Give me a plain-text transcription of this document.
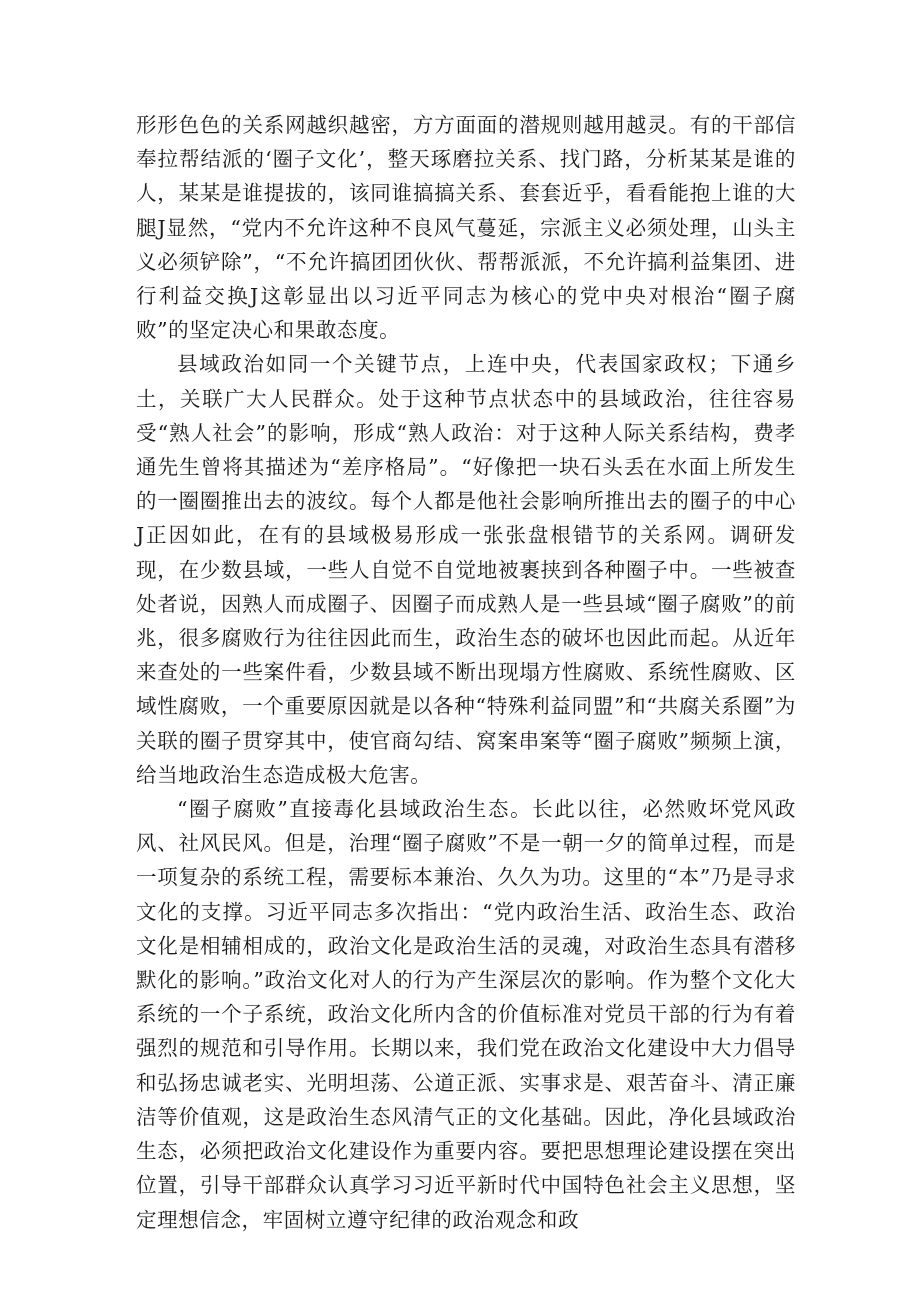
形形色色的关系网越织越密，方方面面的潜规则越用越灵。有的干部信奉拉帮结派的‘圈子文化’，整天琢磨拉关系、找门路，分析某某是谁的人，某某是谁提拔的，该同谁搞搞关系、套套近乎，看看能抱上谁的大腿J显然，“党内不允许这种不良风气蔓延，宗派主义必须处理，山头主义必须铲除”，“不允许搞团团伙伙、帮帮派派，不允许搞利益集团、进行利益交换J这彰显出以习近平同志为核心的党中央对根治“圈子腐败”的坚定决心和果敢态度。

县域政治如同一个关键节点，上连中央，代表国家政权；下通乡土，关联广大人民群众。处于这种节点状态中的县域政治，往往容易受“熟人社会”的影响，形成“熟人政治：对于这种人际关系结构，费孝通先生曾将其描述为“差序格局”。“好像把一块石头丢在水面上所发生的一圈圈推出去的波纹。每个人都是他社会影响所推出去的圈子的中心J正因如此，在有的县域极易形成一张张盘根错节的关系网。调研发现，在少数县域，一些人自觉不自觉地被裹挟到各种圈子中。一些被查处者说，因熟人而成圈子、因圈子而成熟人是一些县域“圈子腐败”的前兆，很多腐败行为往往因此而生，政治生态的破坏也因此而起。从近年来查处的一些案件看，少数县域不断出现塌方性腐败、系统性腐败、区域性腐败，一个重要原因就是以各种“特殊利益同盟”和“共腐关系圈”为关联的圈子贯穿其中，使官商勾结、窝案串案等“圈子腐败”频频上演，给当地政治生态造成极大危害。

“圈子腐败”直接毒化县域政治生态。长此以往，必然败坏党风政风、社风民风。但是，治理“圈子腐败”不是一朝一夕的简单过程，而是一项复杂的系统工程，需要标本兼治、久久为功。这里的“本”乃是寻求文化的支撑。习近平同志多次指出：“党内政治生活、政治生态、政治文化是相辅相成的，政治文化是政治生活的灵魂，对政治生态具有潜移默化的影响。”政治文化对人的行为产生深层次的影响。作为整个文化大系统的一个子系统，政治文化所内含的价值标准对党员干部的行为有着强烈的规范和引导作用。长期以来，我们党在政治文化建设中大力倡导和弘扬忠诚老实、光明坦荡、公道正派、实事求是、艰苦奋斗、清正廉洁等价值观，这是政治生态风清气正的文化基础。因此，净化县域政治生态，必须把政治文化建设作为重要内容。要把思想理论建设摆在突出位置，引导干部群众认真学习习近平新时代中国特色社会主义思想，坚定理想信念，牢固树立遵守纪律的政治观念和政
